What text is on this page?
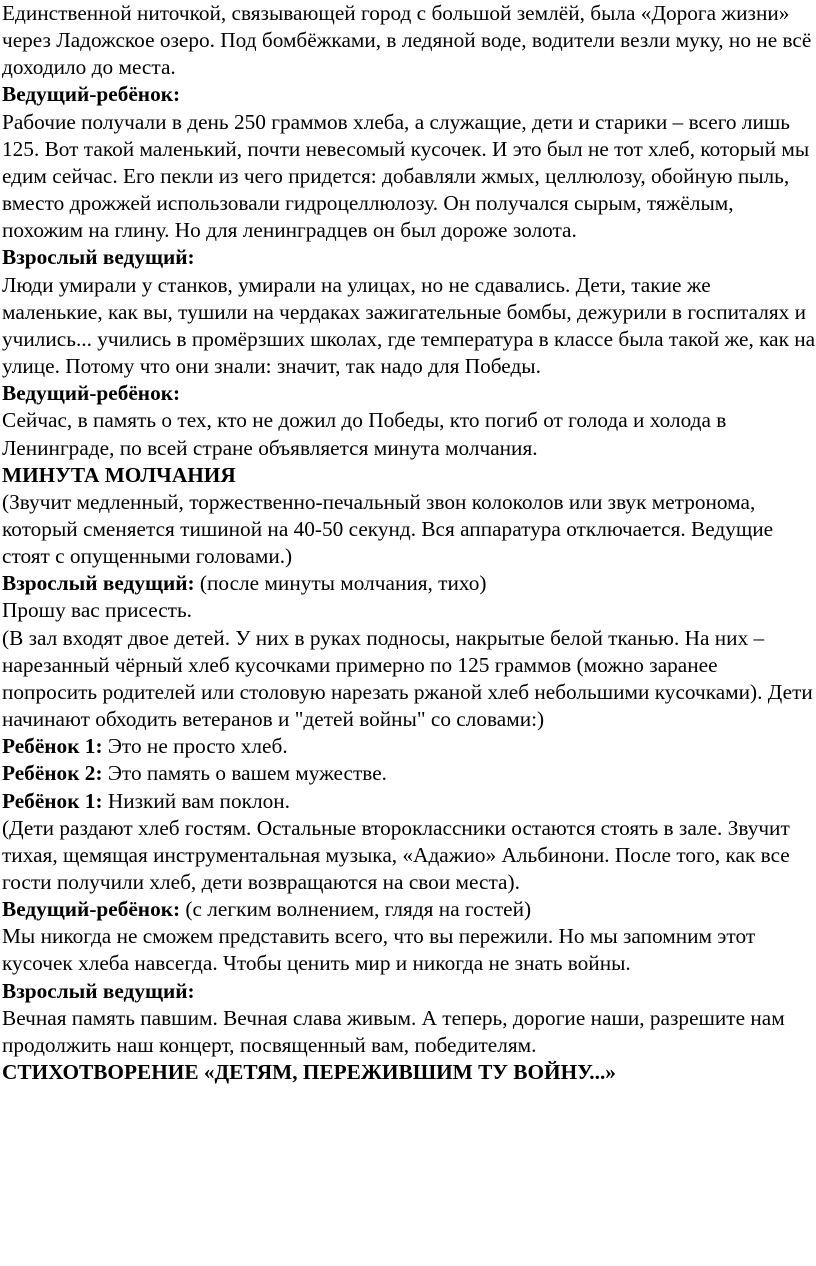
Единственной ниточкой, связывающей город с большой землёй, была «Дорога жизни» через Ладожское озеро. Под бомбёжками, в ледяной воде, водители везли муку, но не всё доходило до места.

Ведущий-ребёнок:

Рабочие получали в день 250 граммов хлеба, а служащие, дети и старики – всего лишь 125. Вот такой маленький, почти невесомый кусочек. И это был не тот хлеб, который мы едим сейчас. Его пекли из чего придется: добавляли жмых, целлюлозу, обойную пыль, вместо дрожжей использовали гидроцеллюлозу. Он получался сырым, тяжёлым, похожим на глину. Но для ленинградцев он был дороже золота.

Взрослый ведущий:

Люди умирали у станков, умирали на улицах, но не сдавались. Дети, такие же маленькие, как вы, тушили на чердаках зажигательные бомбы, дежурили в госпиталях и учились... учились в промёрзших школах, где температура в классе была такой же, как на улице. Потому что они знали: значит, так надо для Победы.

Ведущий-ребёнок:

Сейчас, в память о тех, кто не дожил до Победы, кто погиб от голода и холода в Ленинграде, по всей стране объявляется минута молчания.

МИНУТА МОЛЧАНИЯ

(Звучит медленный, торжественно-печальный звон колоколов или звук метронома, который сменяется тишиной на 40-50 секунд. Вся аппаратура отключается. Ведущие стоят с опущенными головами.)

Взрослый ведущий: (после минуты молчания, тихо)

Прошу вас присесть.

(В зал входят двое детей. У них в руках подносы, накрытые белой тканью. На них – нарезанный чёрный хлеб кусочками примерно по 125 граммов (можно заранее попросить родителей или столовую нарезать ржаной хлеб небольшими кусочками). Дети начинают обходить ветеранов и "детей войны" со словами:)

Ребёнок 1: Это не просто хлеб.

Ребёнок 2: Это память о вашем мужестве.

Ребёнок 1: Низкий вам поклон.

(Дети раздают хлеб гостям. Остальные второклассники остаются стоять в зале. Звучит тихая, щемящая инструментальная музыка, «Адажио» Альбинони. После того, как все гости получили хлеб, дети возвращаются на свои места).

Ведущий-ребёнок: (с легким волнением, глядя на гостей)

Мы никогда не сможем представить всего, что вы пережили. Но мы запомним этот кусочек хлеба навсегда. Чтобы ценить мир и никогда не знать войны.

Взрослый ведущий:

Вечная память павшим. Вечная слава живым. А теперь, дорогие наши, разрешите нам продолжить наш концерт, посвященный вам, победителям.

СТИХОТВОРЕНИЕ «ДЕТЯМ, ПЕРЕЖИВШИМ ТУ ВОЙНУ...»
